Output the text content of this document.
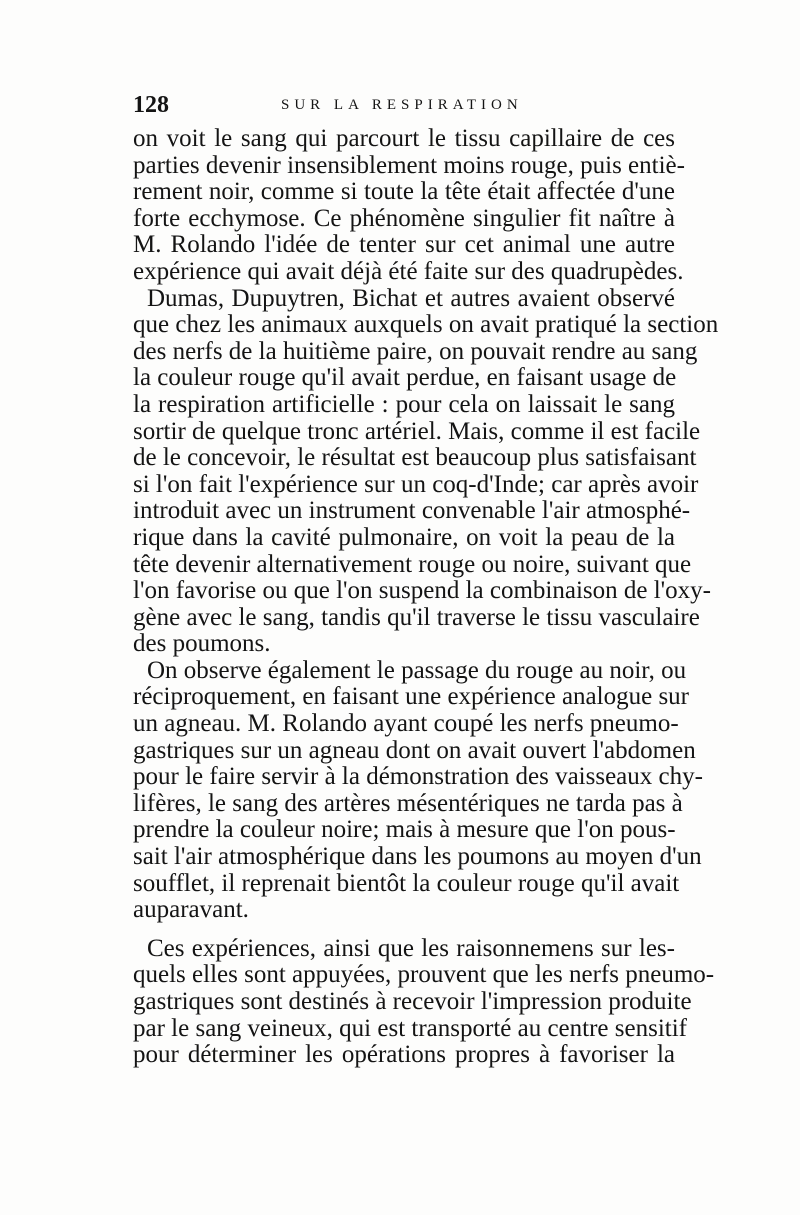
128	SUR LA RESPIRATION
on voit le sang qui parcourt le tissu capillaire de ces
parties devenir insensiblement moins rouge, puis entiè-
rement noir, comme si toute la tête était affectée d'une
forte ecchymose. Ce phénomène singulier fit naître à
M. Rolando l'idée de tenter sur cet animal une autre
expérience qui avait déjà été faite sur des quadrupèdes.
Dumas, Dupuytren, Bichat et autres avaient observé
que chez les animaux auxquels on avait pratiqué la section
des nerfs de la huitième paire, on pouvait rendre au sang
la couleur rouge qu'il avait perdue, en faisant usage de
la respiration artificielle : pour cela on laissait le sang
sortir de quelque tronc artériel. Mais, comme il est facile
de le concevoir, le résultat est beaucoup plus satisfaisant
si l'on fait l'expérience sur un coq-d'Inde; car après avoir
introduit avec un instrument convenable l'air atmosphé-
rique dans la cavité pulmonaire, on voit la peau de la
tête devenir alternativement rouge ou noire, suivant que
l'on favorise ou que l'on suspend la combinaison de l'oxy-
gène avec le sang, tandis qu'il traverse le tissu vasculaire
des poumons.
On observe également le passage du rouge au noir, ou
réciproquement, en faisant une expérience analogue sur
un agneau. M. Rolando ayant coupé les nerfs pneumo-
gastriques sur un agneau dont on avait ouvert l'abdomen
pour le faire servir à la démonstration des vaisseaux chy-
lifères, le sang des artères mésentériques ne tarda pas à
prendre la couleur noire; mais à mesure que l'on pous-
sait l'air atmosphérique dans les poumons au moyen d'un
soufflet, il reprenait bientôt la couleur rouge qu'il avait
auparavant.
Ces expériences, ainsi que les raisonnemens sur les-
quels elles sont appuyées, prouvent que les nerfs pneumo-
gastriques sont destinés à recevoir l'impression produite
par le sang veineux, qui est transporté au centre sensitif
pour déterminer les opérations propres à favoriser la
